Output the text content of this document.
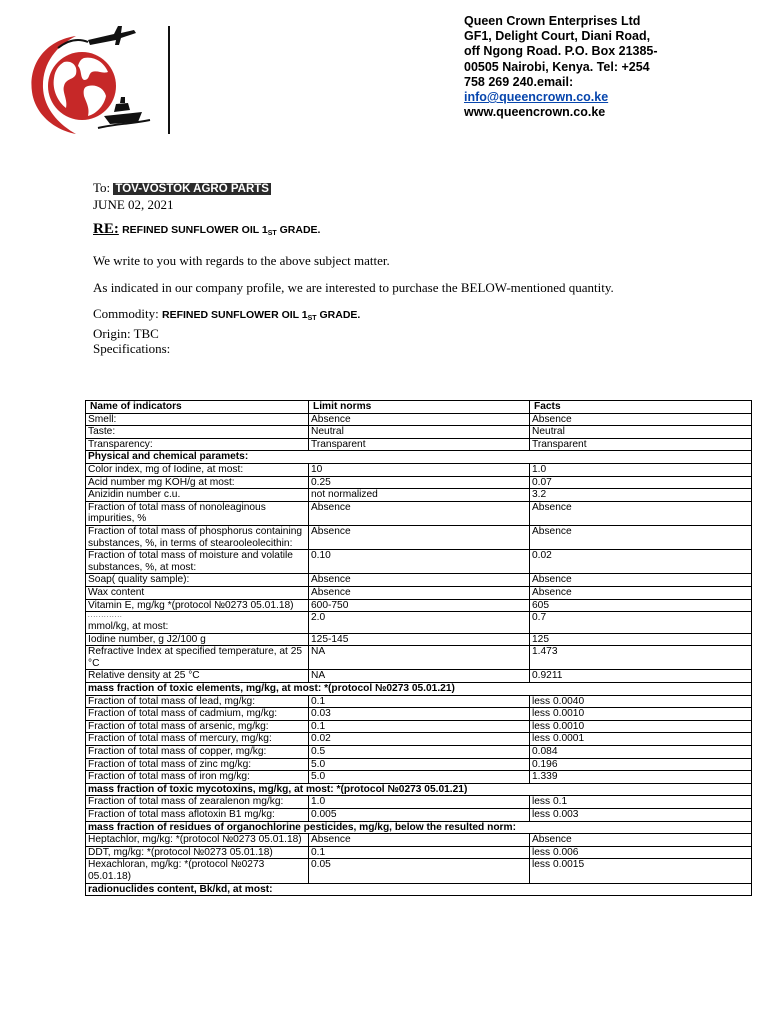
Queen Crown Enterprises Ltd
GF1, Delight Court, Diani Road,
off Ngong Road. P.O. Box 21385-
00505 Nairobi, Kenya. Tel: +254
758 269 240.email:
info@queencrown.co.ke
www.queencrown.co.ke
To: TOV-VOSTOK AGRO PARTS
JUNE 02, 2021
RE: REFINED SUNFLOWER OIL $1_{ST}$ GRADE.
We write to you with regards to the above subject matter.
As indicated in our company profile, we are interested to purchase the BELOW-mentioned quantity.
Commodity: REFINED SUNFLOWER OIL $1_{ST}$ GRADE.
Origin: TBC
Specifications:
Name of indicators	Limit norms	Facts
Smell:	Absence	Absence
Taste:	Neutral	Neutral
Transparency:	Transparent	Transparent
Physical and chemical paramets:		
Color index, mg of Iodine, at most:	10	1.0
Acid number mg KOH/g at most:	0.25	0.07
Anizidin number c.u.	not normalized	3.2
Fraction of total mass of nonoleaginous impurities, %	Absence	Absence
Fraction of total mass of phosphorus containing substances, %, in terms of stearooleolecithin:	Absence	Absence
Fraction of total mass of moisture and volatile substances, %, at most:	0.10	0.02
Soap( quality sample):	Absence	Absence
Wax content	Absence	Absence
Vitamin E, mg/kg *(protocol №0273 05.01.18)	600-750	605

.............
mmol/kg, at most:	2.0	0.7
Iodine number, g J2/100 g	125-145	125
Refractive Index at specified temperature, at 25 °C	NA	1.473
Relative density at 25 °C	NA	0.9211
mass fraction of toxic elements, mg/kg, at most: *(protocol №0273 05.01.21)		
Fraction of total mass of lead, mg/kg:	0.1	less 0.0040
Fraction of total mass of cadmium, mg/kg:	0.03	less 0.0010
Fraction of total mass of arsenic, mg/kg:	0.1	less 0.0010
Fraction of total mass of mercury, mg/kg:	0.02	less 0.0001
Fraction of total mass of copper, mg/kg:	0.5	0.084
Fraction of total mass of zinc mg/kg:	5.0	0.196
Fraction of total mass of iron mg/kg:	5.0	1.339
mass fraction of toxic mycotoxins, mg/kg, at most: *(protocol №0273 05.01.21)		
Fraction of total mass of zearalenon mg/kg:	1.0	less 0.1
Fraction of total mass aflotoxin B1 mg/kg:	0.005	less 0.003
mass fraction of residues of organochlorine pesticides, mg/kg, below the resulted norm:		
Heptachlor, mg/kg: *(protocol №0273 05.01.18)	Absence	Absence
DDT, mg/kg: *(protocol №0273 05.01.18)	0.1	less 0.006
Hexachloran, mg/kg: *(protocol №0273 05.01.18)	0.05	less 0.0015
radionuclides content, Bk/kd, at most:		
